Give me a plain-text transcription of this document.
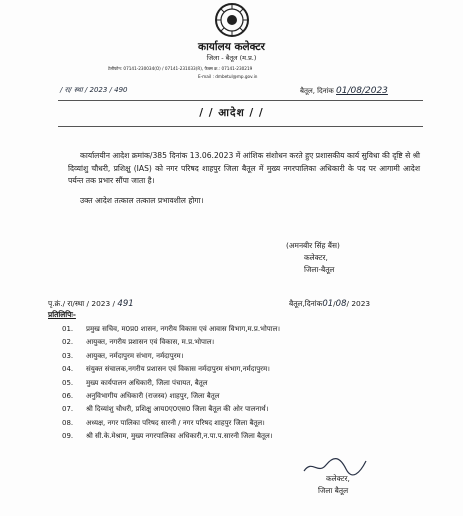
कार्यालय कलेक्टर
जिला - बैतूल (म.प्र.)
टेलीफोन: 07141-230034(O) / 07141-231033(R), फैक्स क्र.: 07141-230219
E-mail : dmbetul@mp.gov.in
/ रा/ स्था / 2023 / 490	बैतूल, दिनांक 01/08/2023
/ / आदेश / /
कार्यालयीन आदेश क्रमांक/385 दिनांक 13.06.2023 में आंशिक संशोधन करते हुए प्रशासकीय कार्य सुविधा की दृष्टि से श्री दिव्यांशु चौधरी, प्रशिक्षु (IAS) को नगर परिषद शाहपुर जिला बैतूल में मुख्य नगरपालिका अधिकारी के पद पर आगामी आदेश पर्यन्त तक प्रभार सौंपा जाता है।
उक्त आदेश तत्काल तत्काल प्रभावशील होगा।
(अमनबीर सिंह बैंस)
कलेक्टर,
जिला-बैतूल
पृ.क्रं./ रा/स्था / 2023 / 491	बैतूल,दिनांक01/08/ 2023
प्रतिलिपिः-
01. प्रमुख सचिव, म0प्र0 शासन, नगरीय विकास एवं आवास विभाग,म.प्र.भोपाल।
02. आयुक्त, नगरीय प्रशासन एवं विकास, म.प्र.भोपाल।
03. आयुक्त, नर्मदापुरम संभाग, नर्मदापुरम।
04. संयुक्त संचालक,नगरीय प्रशासन एवं विकास नर्मदापुरम संभाग,नर्मदापुरम।
05. मुख्य कार्यपालन अधिकारी, जिला पंचायत, बैतूल
06. अनुविभागीय अधिकारी (राजस्व) शाहपुर, जिला बैतूल
07. श्री दिव्यांशु चौधरी, प्रशिक्षु आय0ए0एस0 जिला बैतूल की ओर पालनार्थ।
08. अध्यक्ष, नगर पालिका परिषद सारनी / नगर परिषद शाहपुर जिला बैतूल।
09. श्री सी.के.मेश्राम, मुख्य नगरपालिका अधिकारी,न.पा.प.सारनी जिला बैतूल।
कलेक्टर,
जिला बैतूल
